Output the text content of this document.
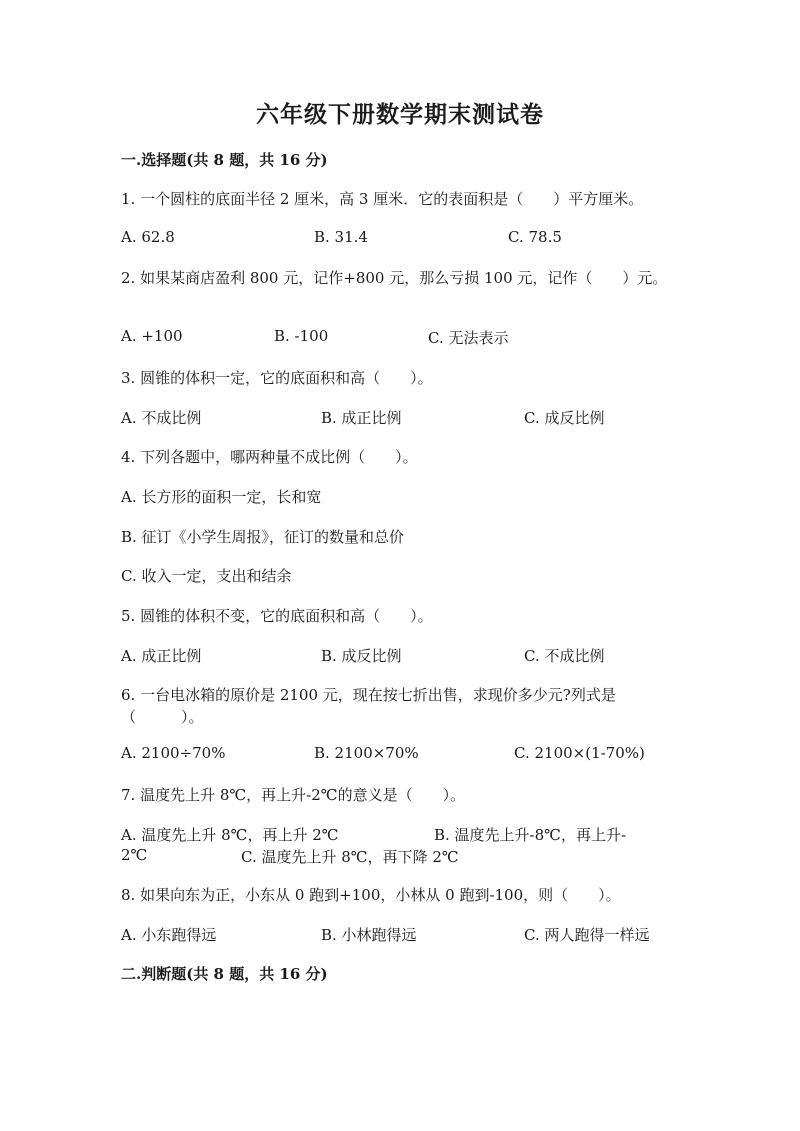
六年级下册数学期末测试卷
一.选择题(共 8 题，共 16 分)
1. 一个圆柱的底面半径 2 厘米，高 3 厘米．它的表面积是（　　）平方厘米。
A. 62.8	B. 31.4	C. 78.5
2. 如果某商店盈利 800 元，记作+800 元，那么亏损 100 元，记作（　　）元。
A. +100	B. -100	C. 无法表示
3. 圆锥的体积一定，它的底面积和高（　　）。
A. 不成比例	B. 成正比例	C. 成反比例
4. 下列各题中，哪两种量不成比例（　　）。
A. 长方形的面积一定，长和宽
B. 征订《小学生周报》，征订的数量和总价
C. 收入一定，支出和结余
5. 圆锥的体积不变，它的底面积和高（　　）。
A. 成正比例	B. 成反比例	C. 不成比例
6. 一台电冰箱的原价是 2100 元，现在按七折出售，求现价多少元?列式是
（　　　）。
A. 2100÷70%	B. 2100×70%	C. 2100×(1-70%)
7. 温度先上升 8℃，再上升-2℃的意义是（　　）。
A. 温度先上升 8℃，再上升 2℃	B. 温度先上升-8℃，再上升-
2℃	C. 温度先上升 8℃，再下降 2℃
8. 如果向东为正，小东从 0 跑到+100，小林从 0 跑到-100，则（　　）。
A. 小东跑得远	B. 小林跑得远	C. 两人跑得一样远
二.判断题(共 8 题，共 16 分)
